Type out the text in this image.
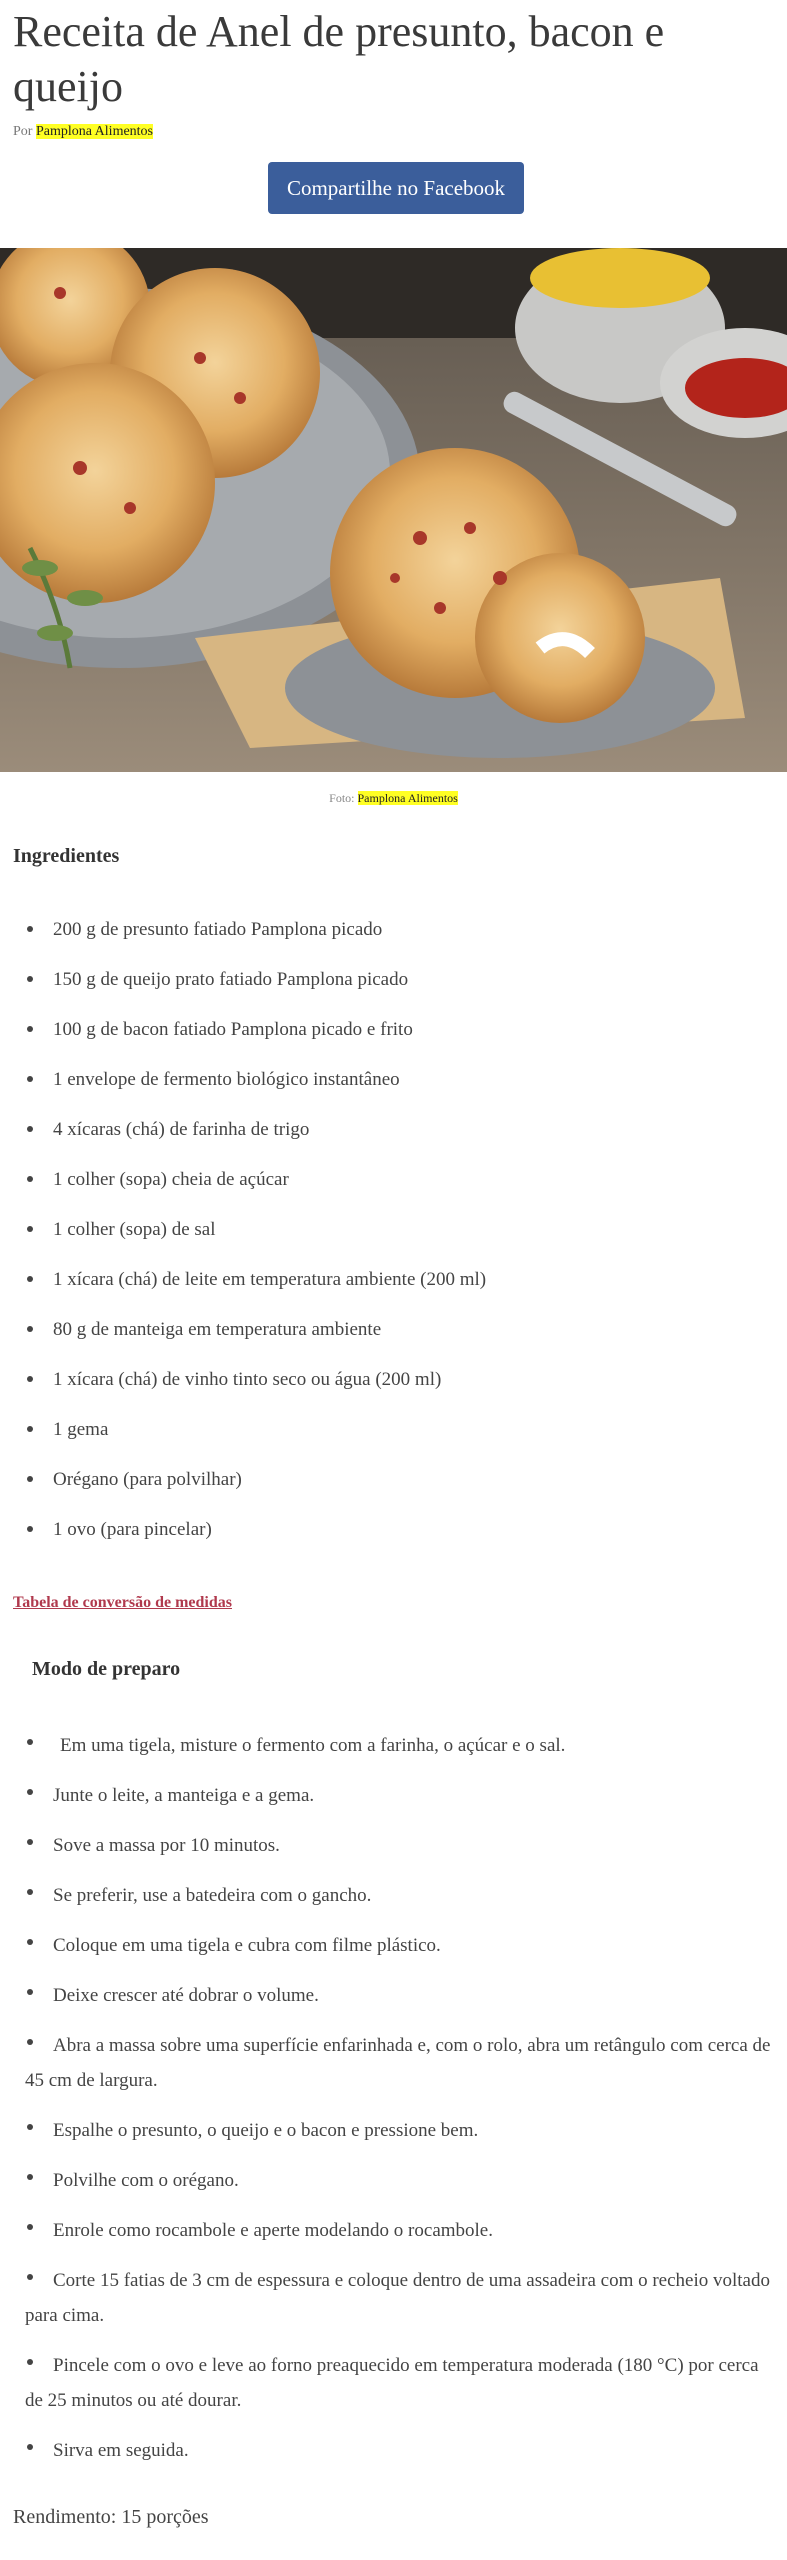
Receita de Anel de presunto, bacon e queijo
Por Pamplona Alimentos
Compartilhe no Facebook
Foto: Pamplona Alimentos
Ingredientes
200 g de presunto fatiado Pamplona picado
150 g de queijo prato fatiado Pamplona picado
100 g de bacon fatiado Pamplona picado e frito
1 envelope de fermento biológico instantâneo
4 xícaras (chá) de farinha de trigo
1 colher (sopa) cheia de açúcar
1 colher (sopa) de sal
1 xícara (chá) de leite em temperatura ambiente (200 ml)
80 g de manteiga em temperatura ambiente
1 xícara (chá) de vinho tinto seco ou água (200 ml)
1 gema
Orégano (para polvilhar)
1 ovo (para pincelar)
Tabela de conversão de medidas
Modo de preparo
Em uma tigela, misture o fermento com a farinha, o açúcar e o sal.
Junte o leite, a manteiga e a gema.
Sove a massa por 10 minutos.
Se preferir, use a batedeira com o gancho.
Coloque em uma tigela e cubra com filme plástico.
Deixe crescer até dobrar o volume.
Abra a massa sobre uma superfície enfarinhada e, com o rolo, abra um retângulo com cerca de 45 cm de largura.
Espalhe o presunto, o queijo e o bacon e pressione bem.
Polvilhe com o orégano.
Enrole como rocambole e aperte modelando o rocambole.
Corte 15 fatias de 3 cm de espessura e coloque dentro de uma assadeira com o recheio voltado para cima.
Pincele com o ovo e leve ao forno preaquecido em temperatura moderada (180 °C) por cerca de 25 minutos ou até dourar.
Sirva em seguida.
Rendimento: 15 porções
